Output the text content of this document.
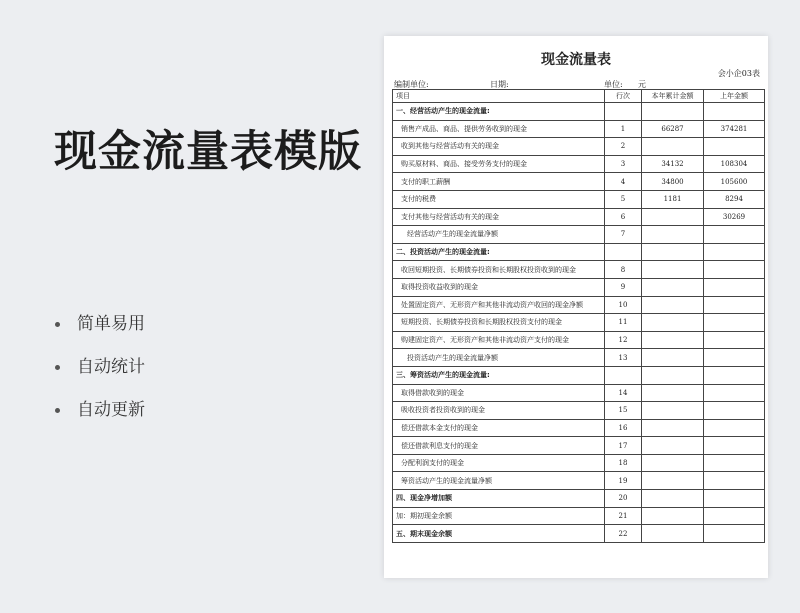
现金流量表模版
简单易用
自动统计
自动更新
现金流量表
会小企03表
编制单位:	日期:	单位: 元
项目	行次	本年累计金额	上年金额
一、经营活动产生的现金流量:			
销售产成品、商品、提供劳务收到的现金	1	66287	374281
收到其他与经营活动有关的现金	2		
购买原材料、商品、接受劳务支付的现金	3	34132	108304
支付的职工薪酬	4	34800	105600
支付的税费	5	1181	8294
支付其他与经营活动有关的现金	6		30269
经营活动产生的现金流量净额	7		
二、投资活动产生的现金流量:			
收回短期投资、长期债券投资和长期股权投资收到的现金	8		
取得投资收益收到的现金	9		
处置固定资产、无形资产和其他非流动资产收回的现金净额	10		
短期投资、长期债券投资和长期股权投资支付的现金	11		
购建固定资产、无形资产和其他非流动资产支付的现金	12		
投资活动产生的现金流量净额	13		
三、筹资活动产生的现金流量:			
取得借款收到的现金	14		
吸收投资者投资收到的现金	15		
偿还借款本金支付的现金	16		
偿还借款利息支付的现金	17		
分配利润支付的现金	18		
筹资活动产生的现金流量净额	19		
四、现金净增加额	20		
加：期初现金余额	21		
五、期末现金余额	22		
